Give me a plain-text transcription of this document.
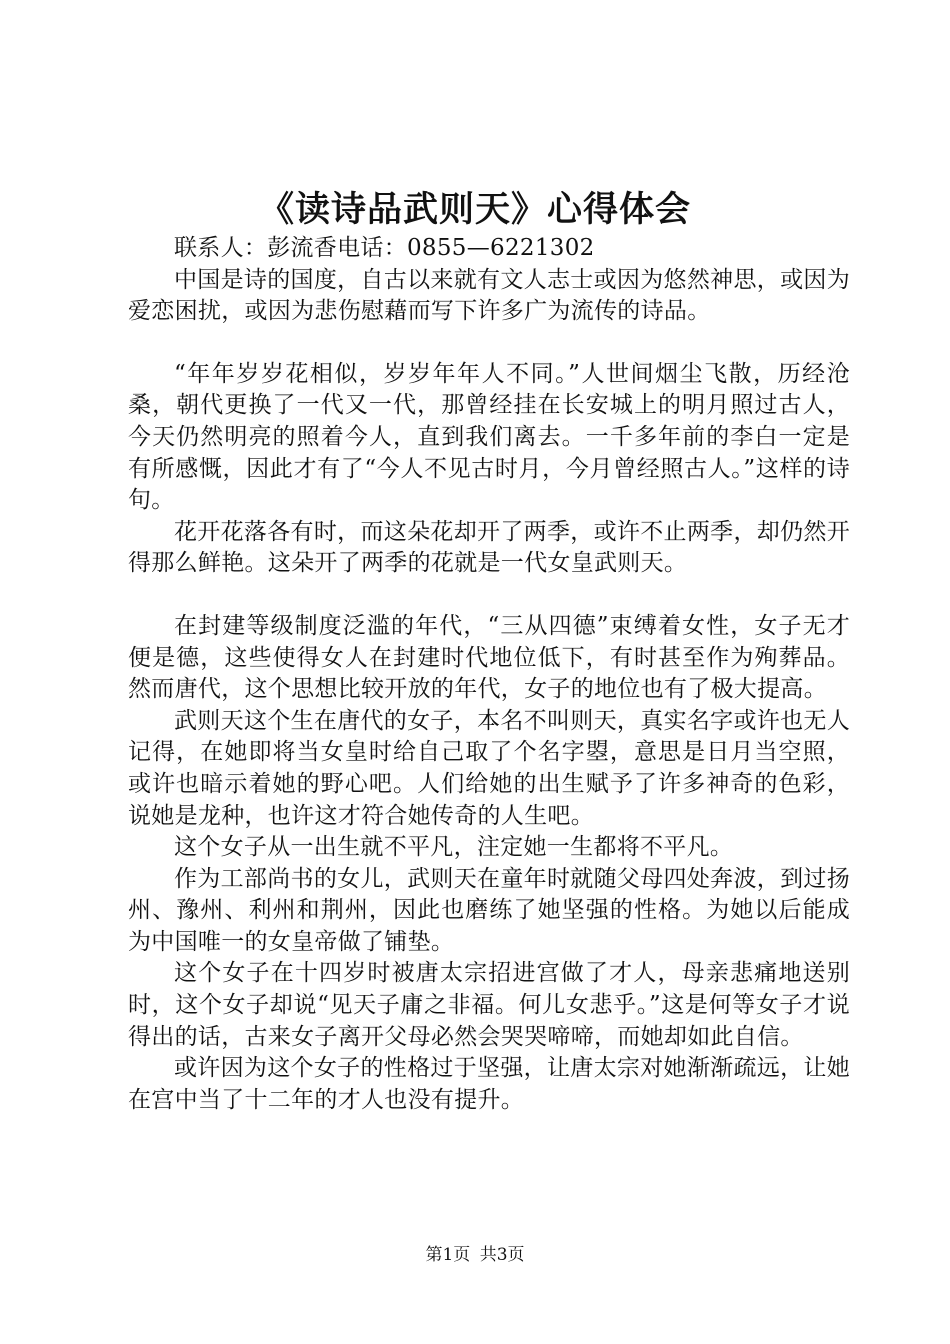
《读诗品武则天》心得体会

联系人：彭流香电话：0855—6221302

中国是诗的国度，自古以来就有文人志士或因为悠然神思，或因为爱恋困扰，或因为悲伤慰藉而写下许多广为流传的诗品。

“年年岁岁花相似，岁岁年年人不同。”人世间烟尘飞散，历经沧桑，朝代更换了一代又一代，那曾经挂在长安城上的明月照过古人，今天仍然明亮的照着今人，直到我们离去。一千多年前的李白一定是有所感慨，因此才有了“今人不见古时月，今月曾经照古人。”这样的诗句。

花开花落各有时，而这朵花却开了两季，或许不止两季，却仍然开得那么鲜艳。这朵开了两季的花就是一代女皇武则天。

在封建等级制度泛滥的年代，“三从四德”束缚着女性，女子无才便是德，这些使得女人在封建时代地位低下，有时甚至作为殉葬品。然而唐代，这个思想比较开放的年代，女子的地位也有了极大提高。

武则天这个生在唐代的女子，本名不叫则天，真实名字或许也无人记得，在她即将当女皇时给自己取了个名字曌，意思是日月当空照，或许也暗示着她的野心吧。人们给她的出生赋予了许多神奇的色彩，说她是龙种，也许这才符合她传奇的人生吧。

这个女子从一出生就不平凡，注定她一生都将不平凡。

作为工部尚书的女儿，武则天在童年时就随父母四处奔波，到过扬州、豫州、利州和荆州，因此也磨练了她坚强的性格。为她以后能成为中国唯一的女皇帝做了铺垫。

这个女子在十四岁时被唐太宗招进宫做了才人，母亲悲痛地送别时，这个女子却说“见天子庸之非福。何儿女悲乎。”这是何等女子才说得出的话，古来女子离开父母必然会哭哭啼啼，而她却如此自信。

或许因为这个女子的性格过于坚强，让唐太宗对她渐渐疏远，让她在宫中当了十二年的才人也没有提升。

第1页 共3页
